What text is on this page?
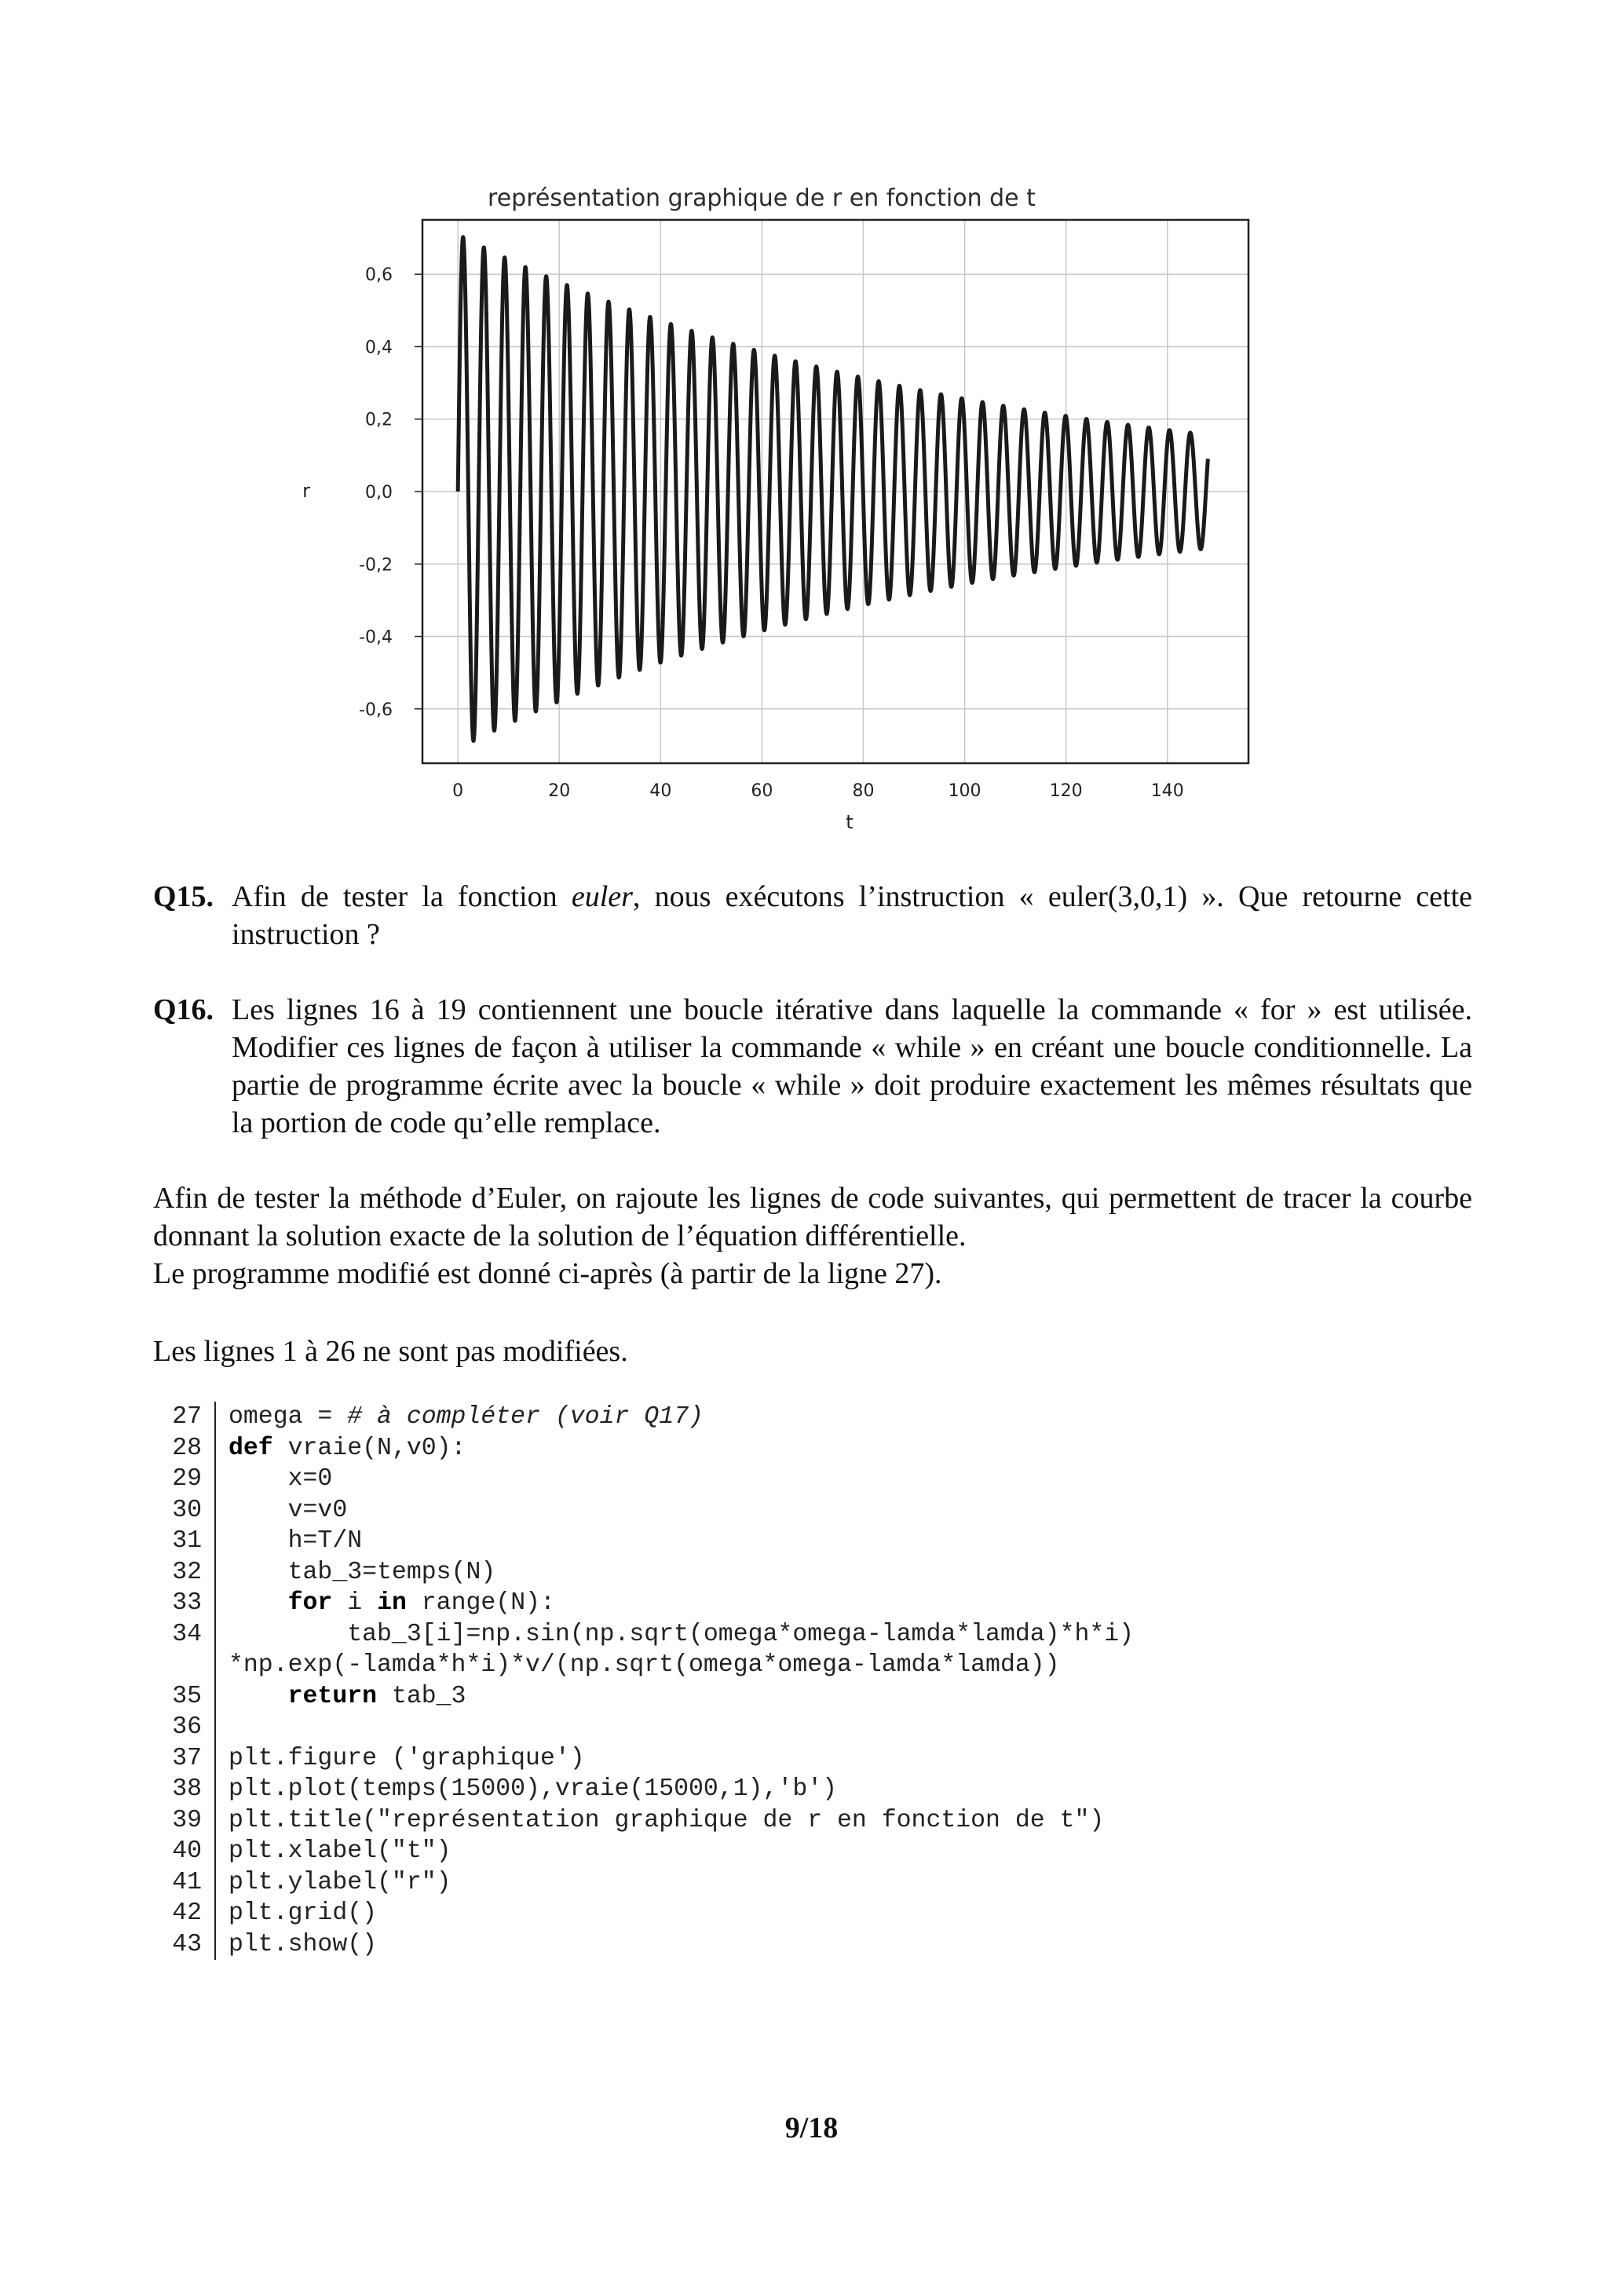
représentation graphique de r en fonction de t
0,6
0,4
0,2
0,0
-0,2
-0,4
-0,6
0	20	40	60	80	100	120	140
r
t
Q15. Afin de tester la fonction euler, nous exécutons l’instruction « euler(3,0,1) ». Que retourne cette instruction ?
Q16. Les lignes 16 à 19 contiennent une boucle itérative dans laquelle la commande « for » est utilisée. Modifier ces lignes de façon à utiliser la commande « while » en créant une boucle conditionnelle. La partie de programme écrite avec la boucle « while » doit produire exactement les mêmes résultats que la portion de code qu’elle remplace.

Afin de tester la méthode d’Euler, on rajoute les lignes de code suivantes, qui permettent de tracer la courbe donnant la solution exacte de la solution de l’équation différentielle.

Le programme modifié est donné ci-après (à partir de la ligne 27).

Les lignes 1 à 26 ne sont pas modifiées.

27	omega = # à compléter (voir Q17)
28	def vraie(N,v0):
29	x=0
30	v=v0
31	h=T/N
32	tab_3=temps(N)
33	for i in range(N):
34	tab_3[i]=np.sin(np.sqrt(omega*omega-lamda*lamda)*h*i)
*np.exp(-lamda*h*i)*v/(np.sqrt(omega*omega-lamda*lamda))
35	return tab_3
36
37	plt.figure ('graphique')
38	plt.plot(temps(15000),vraie(15000,1),'b')
39	plt.title("représentation graphique de r en fonction de t")
40	plt.xlabel("t")
41	plt.ylabel("r")
42	plt.grid()
43	plt.show()
9/18
